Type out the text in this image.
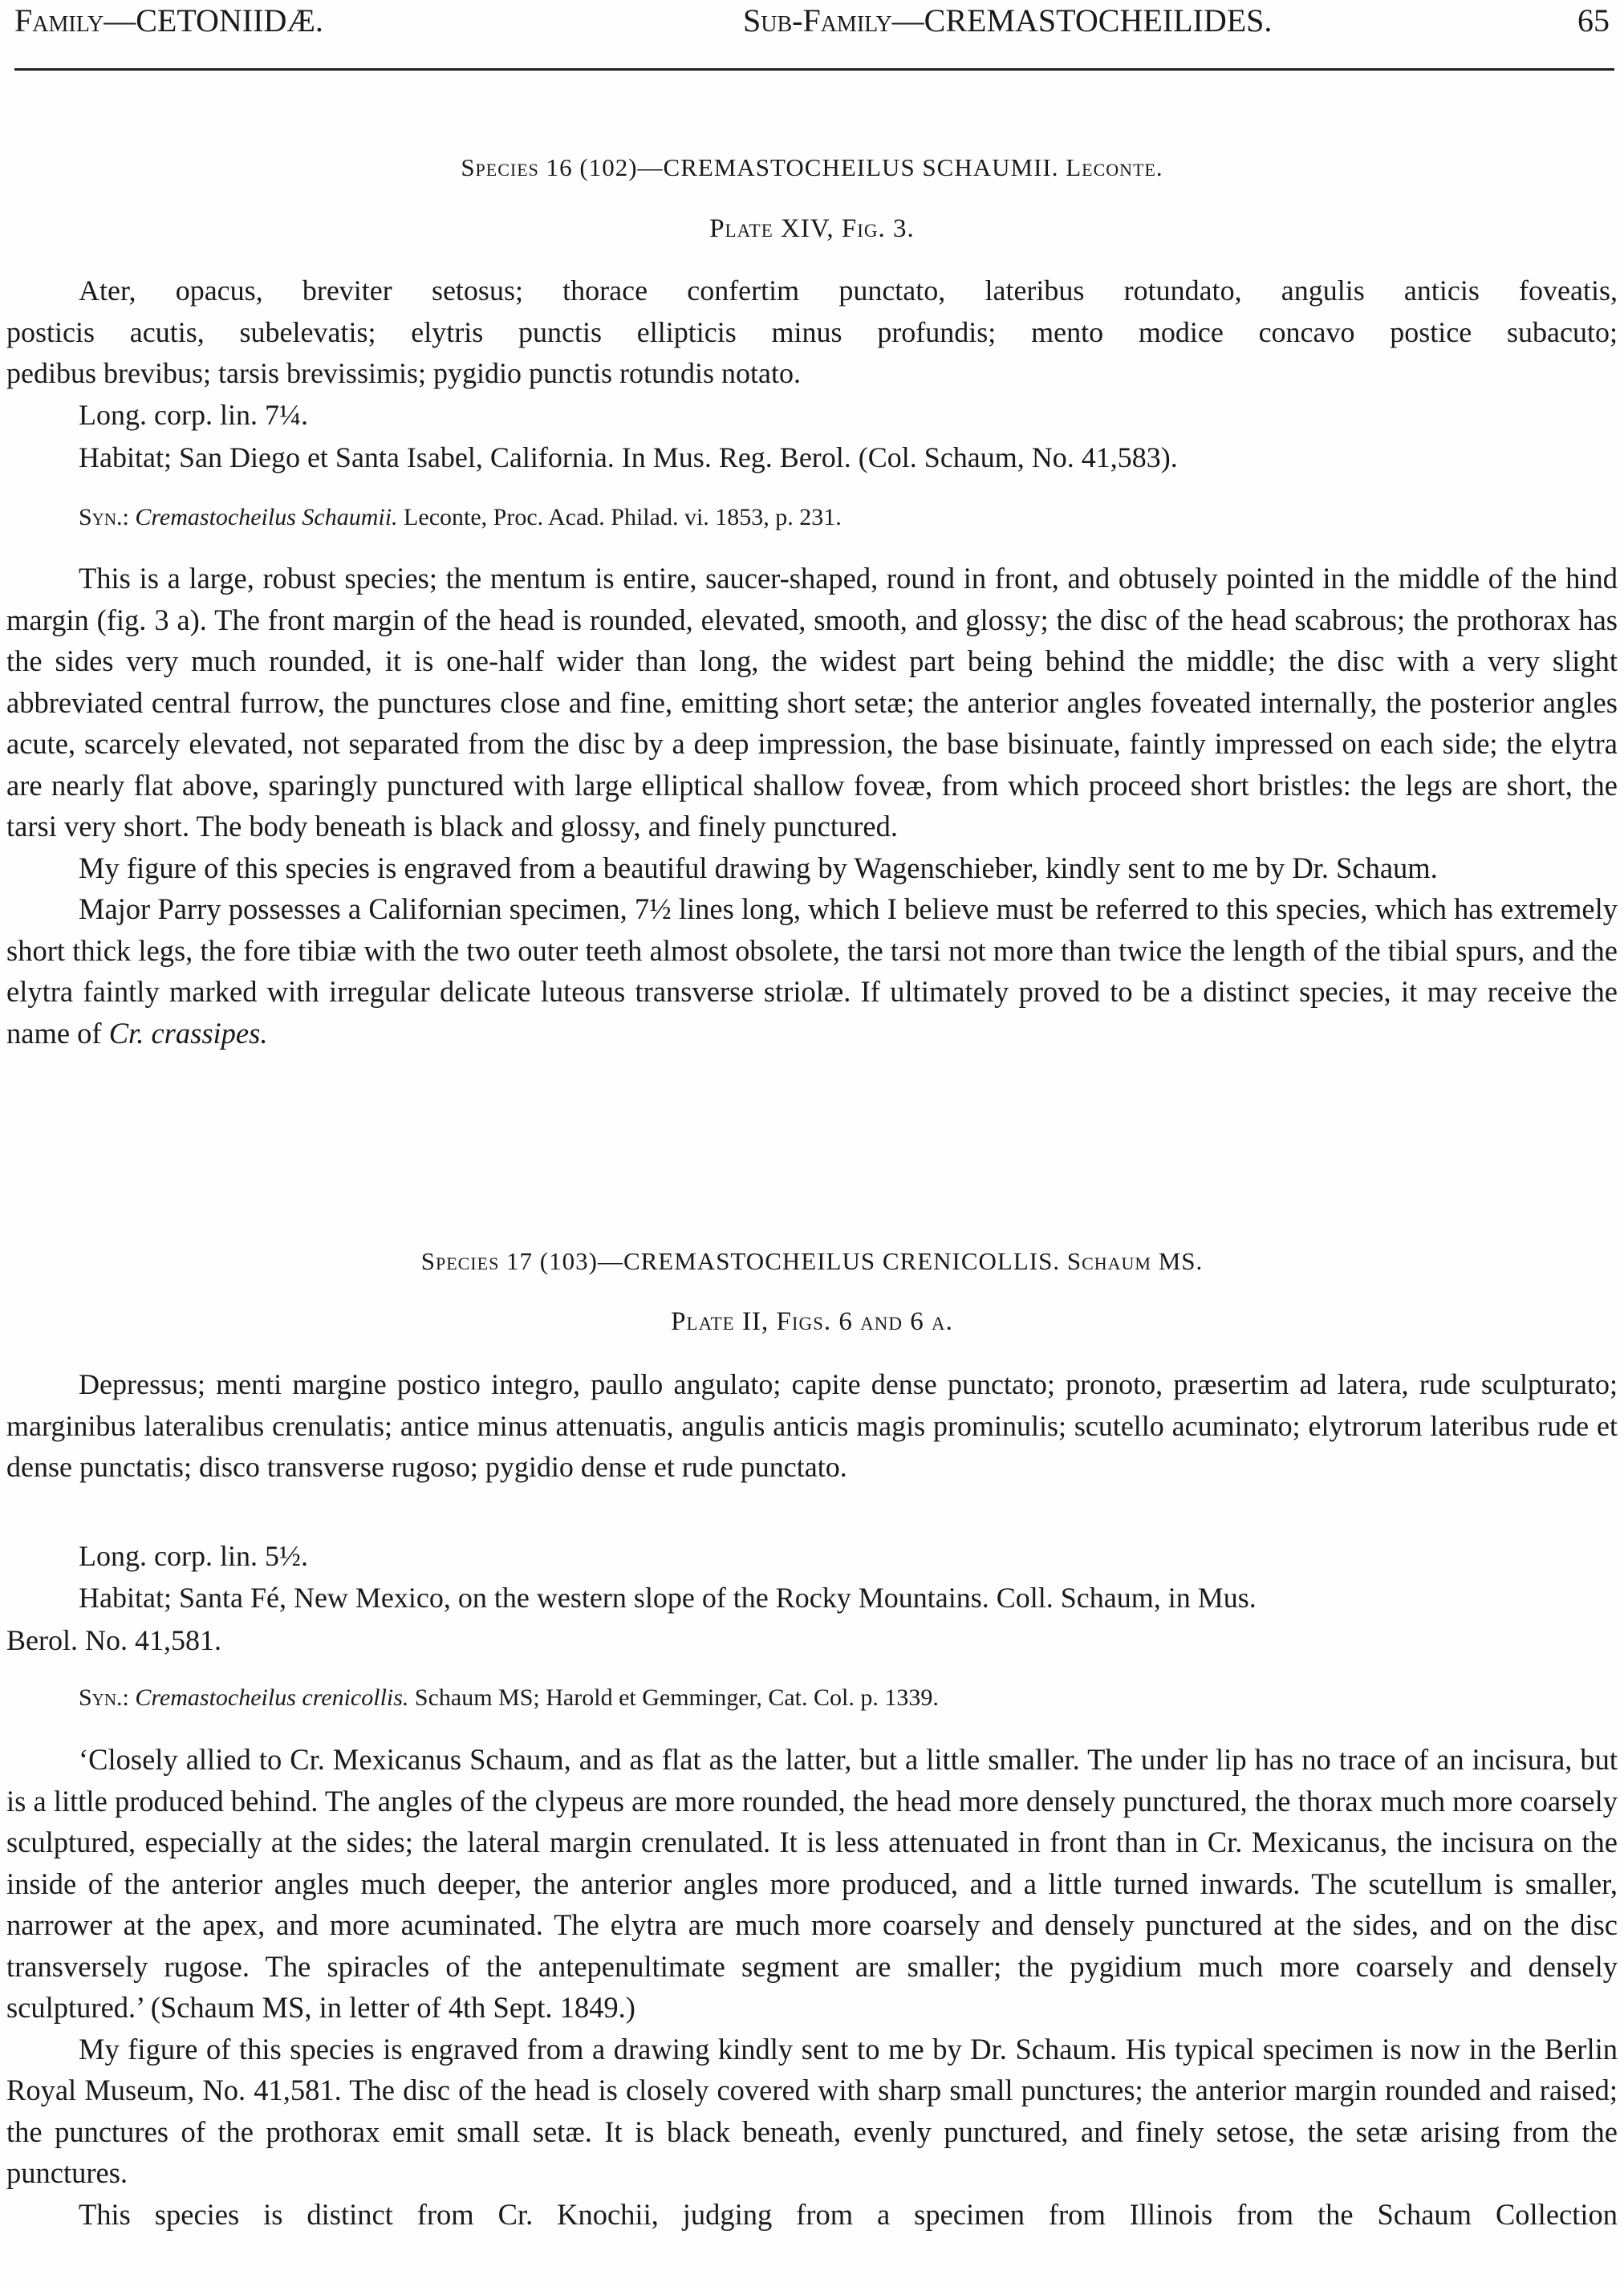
Family—CETONIIDÆ.	Sub-Family—CREMASTOCHEILIDES.	65
Species 16 (102)—CREMASTOCHEILUS SCHAUMII. Leconte.
Plate XIV, Fig. 3.

Ater, opacus, breviter setosus; thorace confertim punctato, lateribus rotundato, angulis anticis foveatis,

posticis acutis, subelevatis; elytris punctis ellipticis minus profundis; mento modice concavo postice subacuto;

pedibus brevibus; tarsis brevissimis; pygidio punctis rotundis notato.

Long. corp. lin. 7¼.
Habitat; San Diego et Santa Isabel, California. In Mus. Reg. Berol. (Col. Schaum, No. 41,583).
Syn.: Cremastocheilus Schaumii. Leconte, Proc. Acad. Philad. vi. 1853, p. 231.

This is a large, robust species; the mentum is entire, saucer-shaped, round in front, and obtusely pointed in the middle of the hind margin (fig. 3 a). The front margin of the head is rounded, elevated, smooth, and glossy; the disc of the head scabrous; the prothorax has the sides very much rounded, it is one-half wider than long, the widest part being behind the middle; the disc with a very slight abbreviated central furrow, the punctures close and fine, emitting short setæ; the anterior angles foveated internally, the posterior angles acute, scarcely elevated, not separated from the disc by a deep impression, the base bisinuate, faintly impressed on each side; the elytra are nearly flat above, sparingly punctured with large elliptical shallow foveæ, from which proceed short bristles: the legs are short, the tarsi very short. The body beneath is black and glossy, and finely punctured.

My figure of this species is engraved from a beautiful drawing by Wagenschieber, kindly sent to me by Dr. Schaum.

Major Parry possesses a Californian specimen, 7½ lines long, which I believe must be referred to this species, which has extremely short thick legs, the fore tibiæ with the two outer teeth almost obsolete, the tarsi not more than twice the length of the tibial spurs, and the elytra faintly marked with irregular delicate luteous transverse striolæ. If ultimately proved to be a distinct species, it may receive the name of Cr. crassipes.

Species 17 (103)—CREMASTOCHEILUS CRENICOLLIS. Schaum MS.
Plate II, Figs. 6 and 6 a.

Depressus; menti margine postico integro, paullo angulato; capite dense punctato; pronoto, præsertim ad latera, rude sculpturato; marginibus lateralibus crenulatis; antice minus attenuatis, angulis anticis magis prominulis; scutello acuminato; elytrorum lateribus rude et dense punctatis; disco transverse rugoso; pygidio dense et rude punctato.

Long. corp. lin. 5½.
Habitat; Santa Fé, New Mexico, on the western slope of the Rocky Mountains. Coll. Schaum, in Mus.
Berol. No. 41,581.
Syn.: Cremastocheilus crenicollis. Schaum MS; Harold et Gemminger, Cat. Col. p. 1339.

‘Closely allied to Cr. Mexicanus Schaum, and as flat as the latter, but a little smaller. The under lip has no trace of an incisura, but is a little produced behind. The angles of the clypeus are more rounded, the head more densely punctured, the thorax much more coarsely sculptured, especially at the sides; the lateral margin crenulated. It is less attenuated in front than in Cr. Mexicanus, the incisura on the inside of the anterior angles much deeper, the anterior angles more produced, and a little turned inwards. The scutellum is smaller, narrower at the apex, and more acuminated. The elytra are much more coarsely and densely punctured at the sides, and on the disc transversely rugose. The spiracles of the antepenultimate segment are smaller; the pygidium much more coarsely and densely sculptured.’ (Schaum MS, in letter of 4th Sept. 1849.)

My figure of this species is engraved from a drawing kindly sent to me by Dr. Schaum. His typical specimen is now in the Berlin Royal Museum, No. 41,581. The disc of the head is closely covered with sharp small punctures; the anterior margin rounded and raised; the punctures of the prothorax emit small setæ. It is black beneath, evenly punctured, and finely setose, the setæ arising from the punctures.

This species is distinct from Cr. Knochii, judging from a specimen from Illinois from the Schaum Collection
